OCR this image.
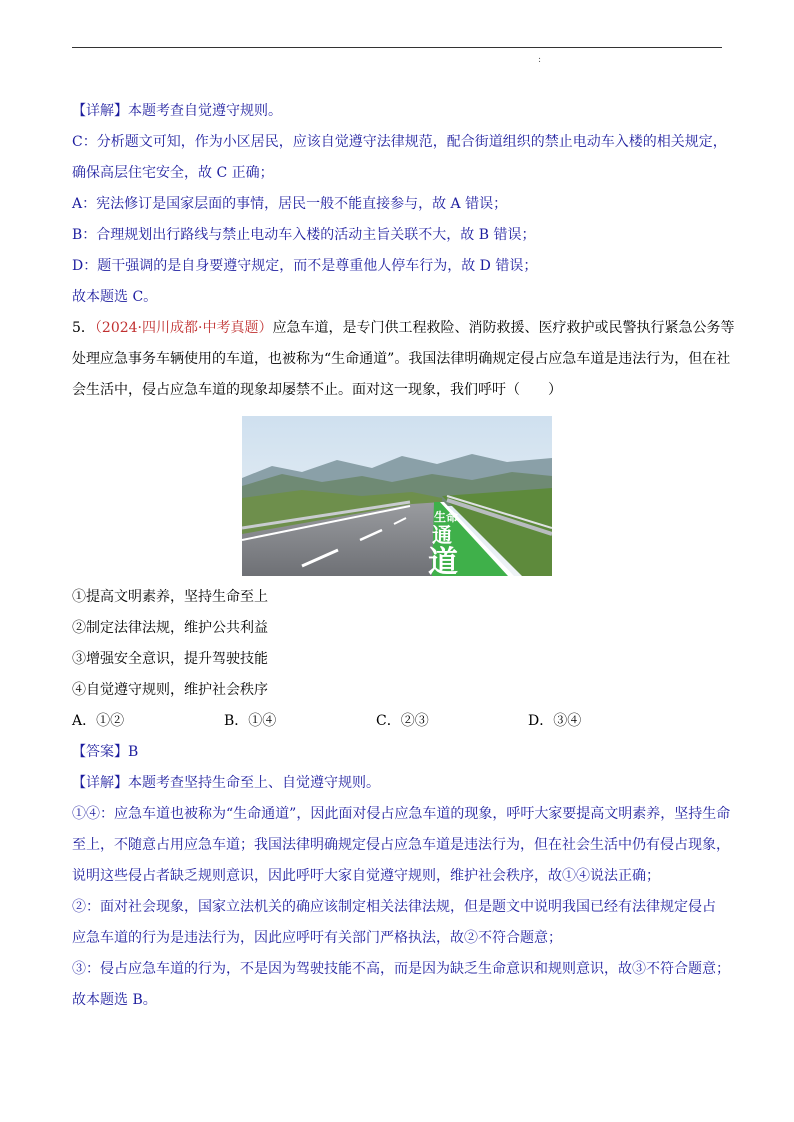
:
【详解】本题考查自觉遵守规则。
C：分析题文可知，作为小区居民，应该自觉遵守法律规范，配合街道组织的禁止电动车入楼的相关规定，
确保高层住宅安全，故 C 正确；
A：宪法修订是国家层面的事情，居民一般不能直接参与，故 A 错误；
B：合理规划出行路线与禁止电动车入楼的活动主旨关联不大，故 B 错误；
D：题干强调的是自身要遵守规定，而不是尊重他人停车行为，故 D 错误；
故本题选 C。
5．（2024·四川成都·中考真题）应急车道，是专门供工程救险、消防救援、医疗救护或民警执行紧急公务等
处理应急事务车辆使用的车道，也被称为“生命通道”。我国法律明确规定侵占应急车道是违法行为，但在社
会生活中，侵占应急车道的现象却屡禁不止。面对这一现象，我们呼吁（　　）
生命
通
道
①提高文明素养，坚持生命至上
②制定法律法规，维护公共利益
③增强安全意识，提升驾驶技能
④自觉遵守规则，维护社会秩序
A．①②	B．①④	C．②③	D．③④
【答案】B
【详解】本题考查坚持生命至上、自觉遵守规则。
①④：应急车道也被称为“生命通道”，因此面对侵占应急车道的现象，呼吁大家要提高文明素养，坚持生命
至上，不随意占用应急车道；我国法律明确规定侵占应急车道是违法行为，但在社会生活中仍有侵占现象，
说明这些侵占者缺乏规则意识，因此呼吁大家自觉遵守规则，维护社会秩序，故①④说法正确；
②：面对社会现象，国家立法机关的确应该制定相关法律法规，但是题文中说明我国已经有法律规定侵占
应急车道的行为是违法行为，因此应呼吁有关部门严格执法，故②不符合题意；
③：侵占应急车道的行为，不是因为驾驶技能不高，而是因为缺乏生命意识和规则意识，故③不符合题意；
故本题选 B。
